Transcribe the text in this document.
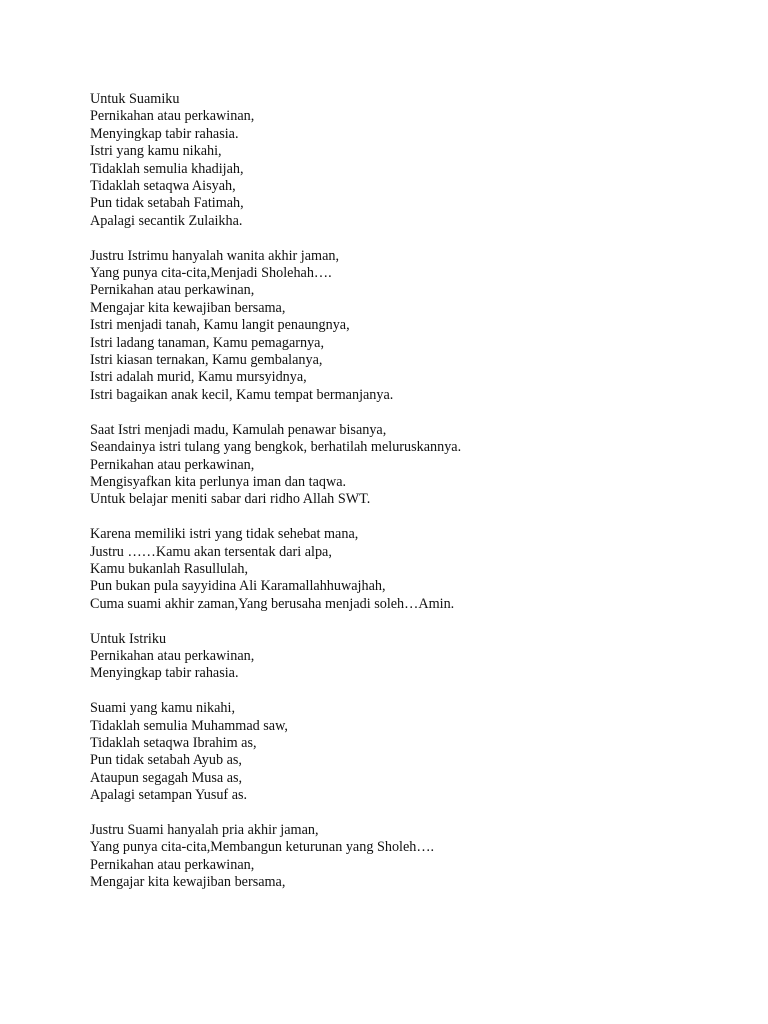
Untuk Suamiku
Pernikahan atau perkawinan,
Menyingkap tabir rahasia.
Istri yang kamu nikahi,
Tidaklah semulia khadijah,
Tidaklah setaqwa Aisyah,
Pun tidak setabah Fatimah,
Apalagi secantik Zulaikha.
Justru Istrimu hanyalah wanita akhir jaman,
Yang punya cita-cita,Menjadi Sholehah….
Pernikahan atau perkawinan,
Mengajar kita kewajiban bersama,
Istri menjadi tanah, Kamu langit penaungnya,
Istri ladang tanaman, Kamu pemagarnya,
Istri kiasan ternakan, Kamu gembalanya,
Istri adalah murid, Kamu mursyidnya,
Istri bagaikan anak kecil, Kamu tempat bermanjanya.
Saat Istri menjadi madu, Kamulah penawar bisanya,
Seandainya istri tulang yang bengkok, berhatilah meluruskannya.
Pernikahan atau perkawinan,
Mengisyafkan kita perlunya iman dan taqwa.
Untuk belajar meniti sabar dari ridho Allah SWT.
Karena memiliki istri yang tidak sehebat mana,
Justru ……Kamu akan tersentak dari alpa,
Kamu bukanlah Rasullulah,
Pun bukan pula sayyidina Ali Karamallahhuwajhah,
Cuma suami akhir zaman,Yang berusaha menjadi soleh…Amin.
Untuk Istriku
Pernikahan atau perkawinan,
Menyingkap tabir rahasia.
Suami yang kamu nikahi,
Tidaklah semulia Muhammad saw,
Tidaklah setaqwa Ibrahim as,
Pun tidak setabah Ayub as,
Ataupun segagah Musa as,
Apalagi setampan Yusuf as.
Justru Suami hanyalah pria akhir jaman,
Yang punya cita-cita,Membangun keturunan yang Sholeh….
Pernikahan atau perkawinan,
Mengajar kita kewajiban bersama,
